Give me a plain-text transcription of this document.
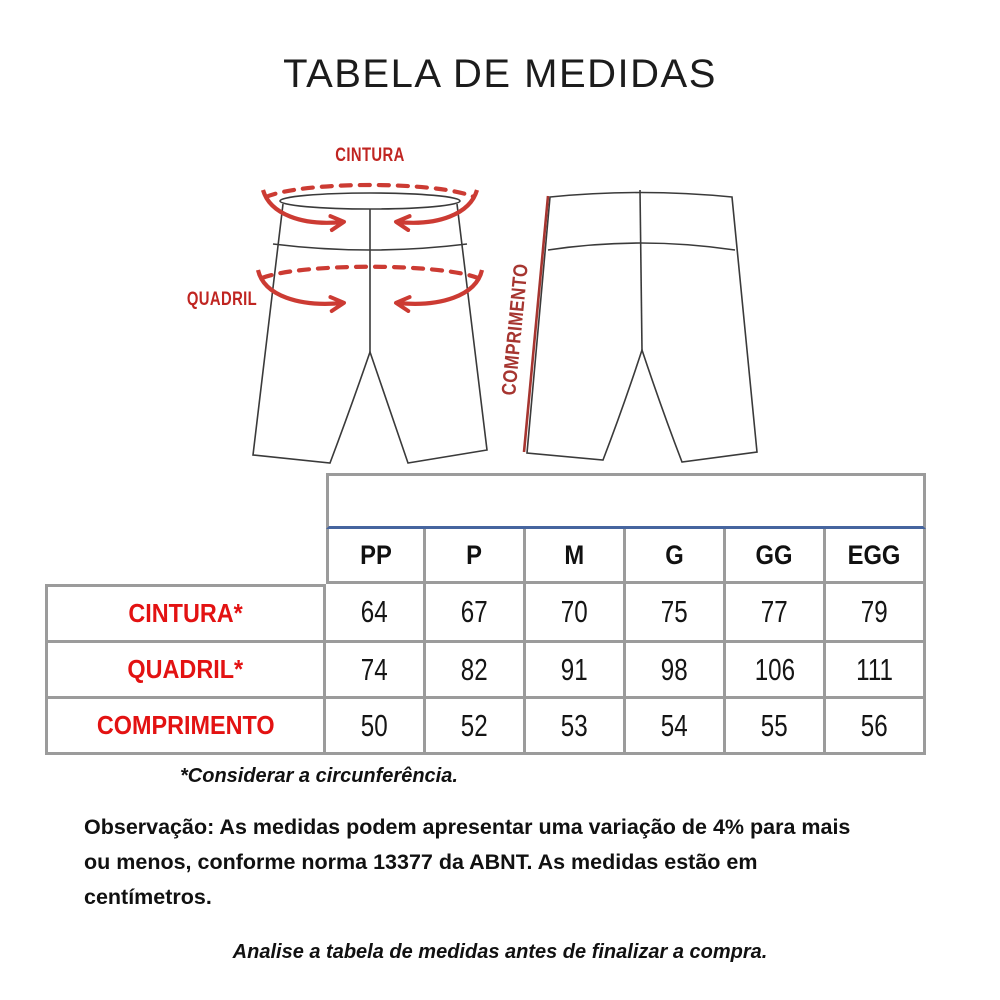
TABELA DE MEDIDAS
CINTURA
QUADRIL	COMPRIMENTO
	BERMUDA CICLISTA HELANCA					
	PP	P	M	G	GG	EGG
CINTURA*	64	67	70	75	77	79
QUADRIL*	74	82	91	98	106	111
COMPRIMENTO	50	52	53	54	55	56
*Considerar a circunferência.
Observação: As medidas podem apresentar uma variação de 4% para mais
ou menos, conforme norma 13377 da ABNT. As medidas estão em
centímetros.
Analise a tabela de medidas antes de finalizar a compra.
